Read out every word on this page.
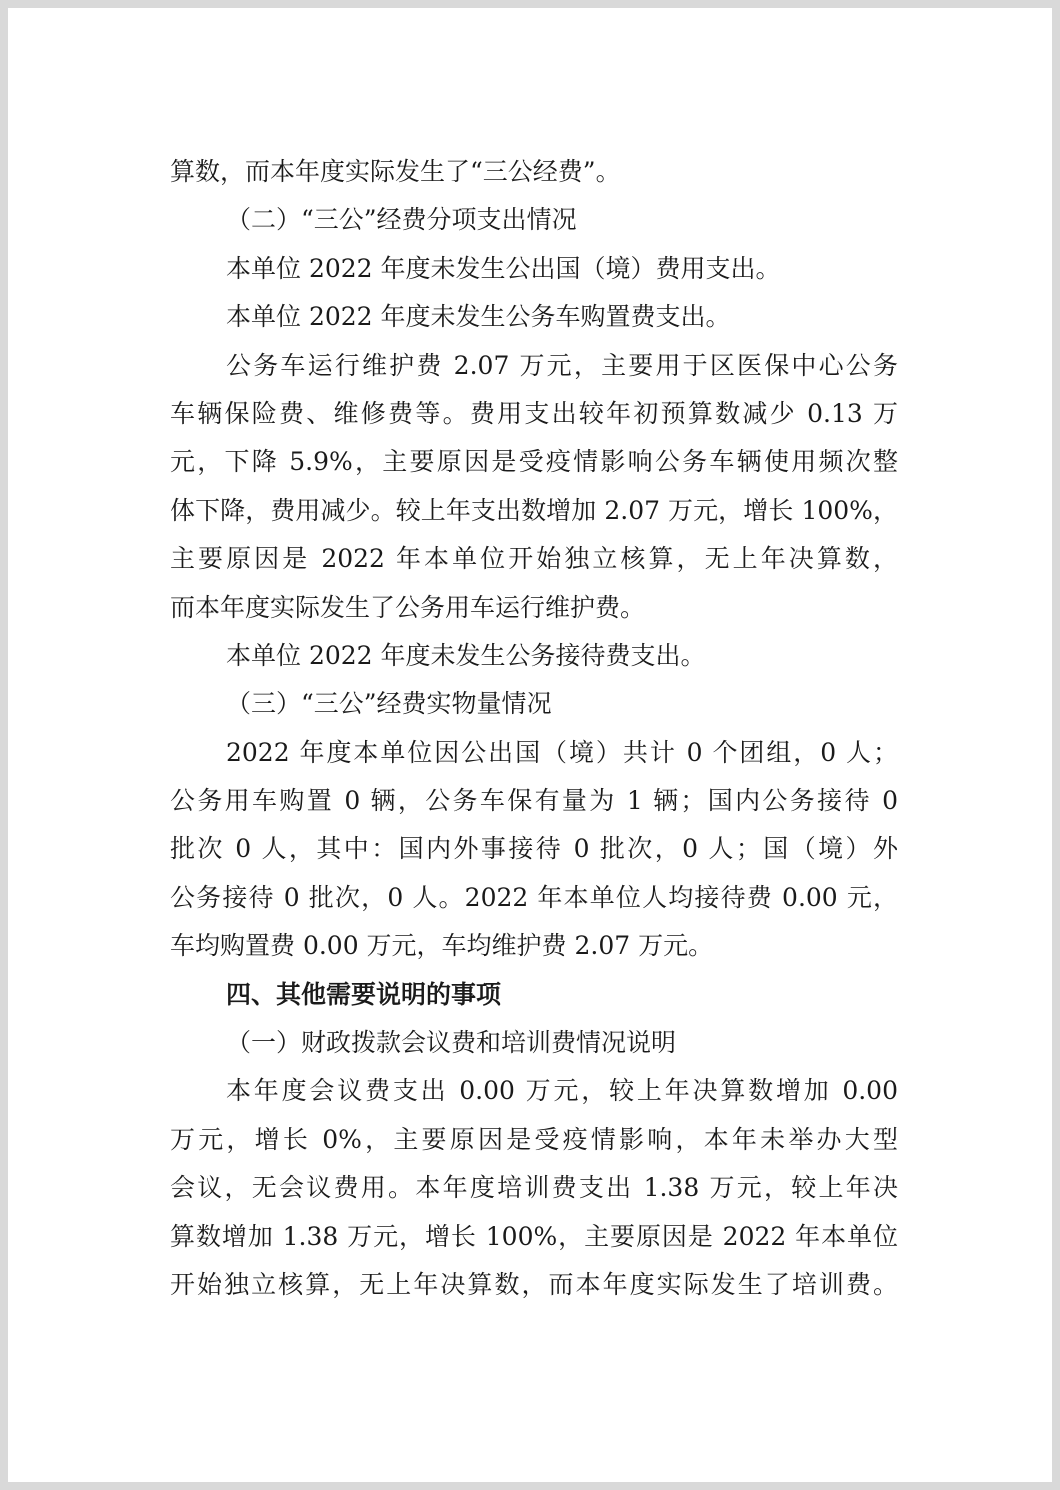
算数，而本年度实际发生了“三公经费”。
（二）“三公”经费分项支出情况
本单位 2022 年度未发生公出国（境）费用支出。
本单位 2022 年度未发生公务车购置费支出。
公务车运行维护费 2.07 万元，主要用于区医保中心公务
车辆保险费、维修费等。费用支出较年初预算数减少 0.13 万
元，下降 5.9%，主要原因是受疫情影响公务车辆使用频次整
体下降，费用减少。较上年支出数增加 2.07 万元，增长 100%，
主要原因是 2022 年本单位开始独立核算，无上年决算数，
而本年度实际发生了公务用车运行维护费。
本单位 2022 年度未发生公务接待费支出。
（三）“三公”经费实物量情况
2022 年度本单位因公出国（境）共计 0 个团组，0 人；
公务用车购置 0 辆，公务车保有量为 1 辆；国内公务接待 0
批次 0 人，其中：国内外事接待 0 批次，0 人；国（境）外
公务接待 0 批次，0 人。2022 年本单位人均接待费 0.00 元，
车均购置费 0.00 万元，车均维护费 2.07 万元。
四、其他需要说明的事项
（一）财政拨款会议费和培训费情况说明
本年度会议费支出 0.00 万元，较上年决算数增加 0.00
万元，增长 0%，主要原因是受疫情影响，本年未举办大型
会议，无会议费用。本年度培训费支出 1.38 万元，较上年决
算数增加 1.38 万元，增长 100%，主要原因是 2022 年本单位
开始独立核算，无上年决算数，而本年度实际发生了培训费。
